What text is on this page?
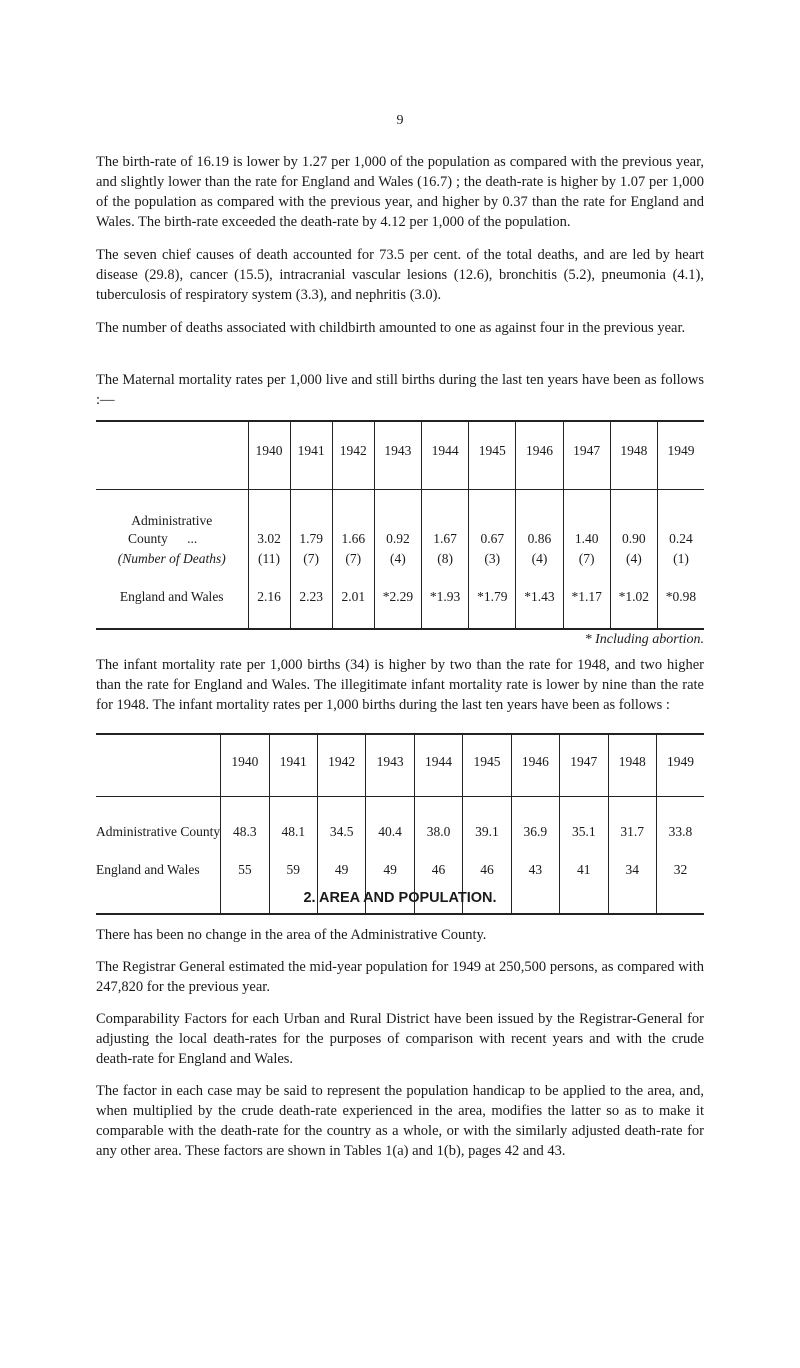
9

The birth-rate of 16.19 is lower by 1.27 per 1,000 of the population as compared with the previous year, and slightly lower than the rate for England and Wales (16.7) ; the death-rate is higher by 1.07 per 1,000 of the population as compared with the previous year, and higher by 0.37 than the rate for England and Wales. The birth-rate exceeded the death-rate by 4.12 per 1,000 of the population.

The seven chief causes of death accounted for 73.5 per cent. of the total deaths, and are led by heart disease (29.8), cancer (15.5), intracranial vascular lesions (12.6), bronchitis (5.2), pneumonia (4.1), tuberculosis of respiratory system (3.3), and nephritis (3.0).

The number of deaths associated with childbirth amounted to one as against four in the previous year.

The Maternal mortality rates per 1,000 live and still births during the last ten years have been as follows :—

	1940	1941	1942	1943	1944	1945	1946	1947	1948	1949
Administrative										
County ...	3.02	1.79	1.66	0.92	1.67	0.67	0.86	1.40	0.90	0.24
(Number of Deaths)	(11)	(7)	(7)	(4)	(8)	(3)	(4)	(7)	(4)	(1)

England and Wales	2.16	2.23	2.01	*2.29	*1.93	*1.79	*1.43	*1.17	*1.02	*0.98

* Including abortion.

The infant mortality rate per 1,000 births (34) is higher by two than the rate for 1948, and two higher than the rate for England and Wales. The illegitimate infant mortality rate is lower by nine than the rate for 1948. The infant mortality rates per 1,000 births during the last ten years have been as follows :

	1940	1941	1942	1943	1944	1945	1946	1947	1948	1949
Administrative County	48.3	48.1	34.5	40.4	38.0	39.1	36.9	35.1	31.7	33.8
England and Wales	55	59	49	49	46	46	43	41	34	32

2. AREA AND POPULATION.

There has been no change in the area of the Administrative County.

The Registrar General estimated the mid-year population for 1949 at 250,500 persons, as compared with 247,820 for the previous year.

Comparability Factors for each Urban and Rural District have been issued by the Registrar-General for adjusting the local death-rates for the purposes of comparison with recent years and with the crude death-rate for England and Wales.

The factor in each case may be said to represent the population handicap to be applied to the area, and, when multiplied by the crude death-rate experienced in the area, modifies the latter so as to make it comparable with the death-rate for the country as a whole, or with the similarly adjusted death-rate for any other area. These factors are shown in Tables 1(a) and 1(b), pages 42 and 43.
